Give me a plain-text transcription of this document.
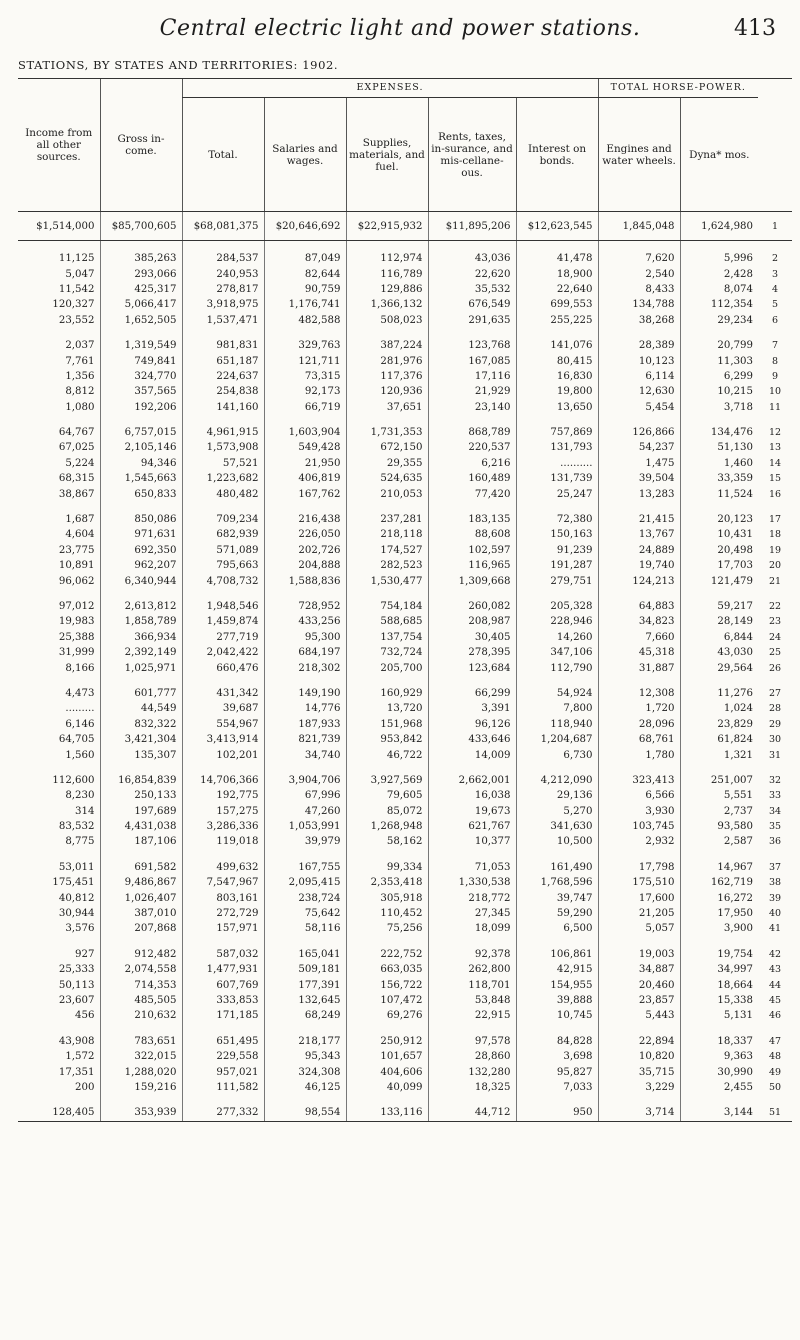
Central electric light and power stations.	413
STATIONS, BY STATES AND TERRITORIES: 1902.
Income from all other sources.	Gross in-come.	EXPENSES.					TOTAL HORSE-POWER.		
		Total.	Salaries and wages.	Supplies, materials, and fuel.	Rents, taxes, in-surance, and mis-cellane-ous.	Interest on bonds.	Engines and water wheels.	Dyna* mos.	
$1,514,000	$85,700,605	$68,081,375	$20,646,692	$22,915,932	$11,895,206	$12,623,545	1,845,048	1,624,980	1

11,125	385,263	284,537	87,049	112,974	43,036	41,478	7,620	5,996	2
5,047	293,066	240,953	82,644	116,789	22,620	18,900	2,540	2,428	3
11,542	425,317	278,817	90,759	129,886	35,532	22,640	8,433	8,074	4
120,327	5,066,417	3,918,975	1,176,741	1,366,132	676,549	699,553	134,788	112,354	5
23,552	1,652,505	1,537,471	482,588	508,023	291,635	255,225	38,268	29,234	6

2,037	1,319,549	981,831	329,763	387,224	123,768	141,076	28,389	20,799	7
7,761	749,841	651,187	121,711	281,976	167,085	80,415	10,123	11,303	8
1,356	324,770	224,637	73,315	117,376	17,116	16,830	6,114	6,299	9
8,812	357,565	254,838	92,173	120,936	21,929	19,800	12,630	10,215	10
1,080	192,206	141,160	66,719	37,651	23,140	13,650	5,454	3,718	11

64,767	6,757,015	4,961,915	1,603,904	1,731,353	868,789	757,869	126,866	134,476	12
67,025	2,105,146	1,573,908	549,428	672,150	220,537	131,793	54,237	51,130	13
5,224	94,346	57,521	21,950	29,355	6,216	..........	1,475	1,460	14
68,315	1,545,663	1,223,682	406,819	524,635	160,489	131,739	39,504	33,359	15
38,867	650,833	480,482	167,762	210,053	77,420	25,247	13,283	11,524	16

1,687	850,086	709,234	216,438	237,281	183,135	72,380	21,415	20,123	17
4,604	971,631	682,939	226,050	218,118	88,608	150,163	13,767	10,431	18
23,775	692,350	571,089	202,726	174,527	102,597	91,239	24,889	20,498	19
10,891	962,207	795,663	204,888	282,523	116,965	191,287	19,740	17,703	20
96,062	6,340,944	4,708,732	1,588,836	1,530,477	1,309,668	279,751	124,213	121,479	21

97,012	2,613,812	1,948,546	728,952	754,184	260,082	205,328	64,883	59,217	22
19,983	1,858,789	1,459,874	433,256	588,685	208,987	228,946	34,823	28,149	23
25,388	366,934	277,719	95,300	137,754	30,405	14,260	7,660	6,844	24
31,999	2,392,149	2,042,422	684,197	732,724	278,395	347,106	45,318	43,030	25
8,166	1,025,971	660,476	218,302	205,700	123,684	112,790	31,887	29,564	26

4,473	601,777	431,342	149,190	160,929	66,299	54,924	12,308	11,276	27
.........	44,549	39,687	14,776	13,720	3,391	7,800	1,720	1,024	28
6,146	832,322	554,967	187,933	151,968	96,126	118,940	28,096	23,829	29
64,705	3,421,304	3,413,914	821,739	953,842	433,646	1,204,687	68,761	61,824	30
1,560	135,307	102,201	34,740	46,722	14,009	6,730	1,780	1,321	31

112,600	16,854,839	14,706,366	3,904,706	3,927,569	2,662,001	4,212,090	323,413	251,007	32
8,230	250,133	192,775	67,996	79,605	16,038	29,136	6,566	5,551	33
314	197,689	157,275	47,260	85,072	19,673	5,270	3,930	2,737	34
83,532	4,431,038	3,286,336	1,053,991	1,268,948	621,767	341,630	103,745	93,580	35
8,775	187,106	119,018	39,979	58,162	10,377	10,500	2,932	2,587	36

53,011	691,582	499,632	167,755	99,334	71,053	161,490	17,798	14,967	37
175,451	9,486,867	7,547,967	2,095,415	2,353,418	1,330,538	1,768,596	175,510	162,719	38
40,812	1,026,407	803,161	238,724	305,918	218,772	39,747	17,600	16,272	39
30,944	387,010	272,729	75,642	110,452	27,345	59,290	21,205	17,950	40
3,576	207,868	157,971	58,116	75,256	18,099	6,500	5,057	3,900	41

927	912,482	587,032	165,041	222,752	92,378	106,861	19,003	19,754	42
25,333	2,074,558	1,477,931	509,181	663,035	262,800	42,915	34,887	34,997	43
50,113	714,353	607,769	177,391	156,722	118,701	154,955	20,460	18,664	44
23,607	485,505	333,853	132,645	107,472	53,848	39,888	23,857	15,338	45
456	210,632	171,185	68,249	69,276	22,915	10,745	5,443	5,131	46

43,908	783,651	651,495	218,177	250,912	97,578	84,828	22,894	18,337	47
1,572	322,015	229,558	95,343	101,657	28,860	3,698	10,820	9,363	48
17,351	1,288,020	957,021	324,308	404,606	132,280	95,827	35,715	30,990	49
200	159,216	111,582	46,125	40,099	18,325	7,033	3,229	2,455	50

128,405	353,939	277,332	98,554	133,116	44,712	950	3,714	3,144	51
